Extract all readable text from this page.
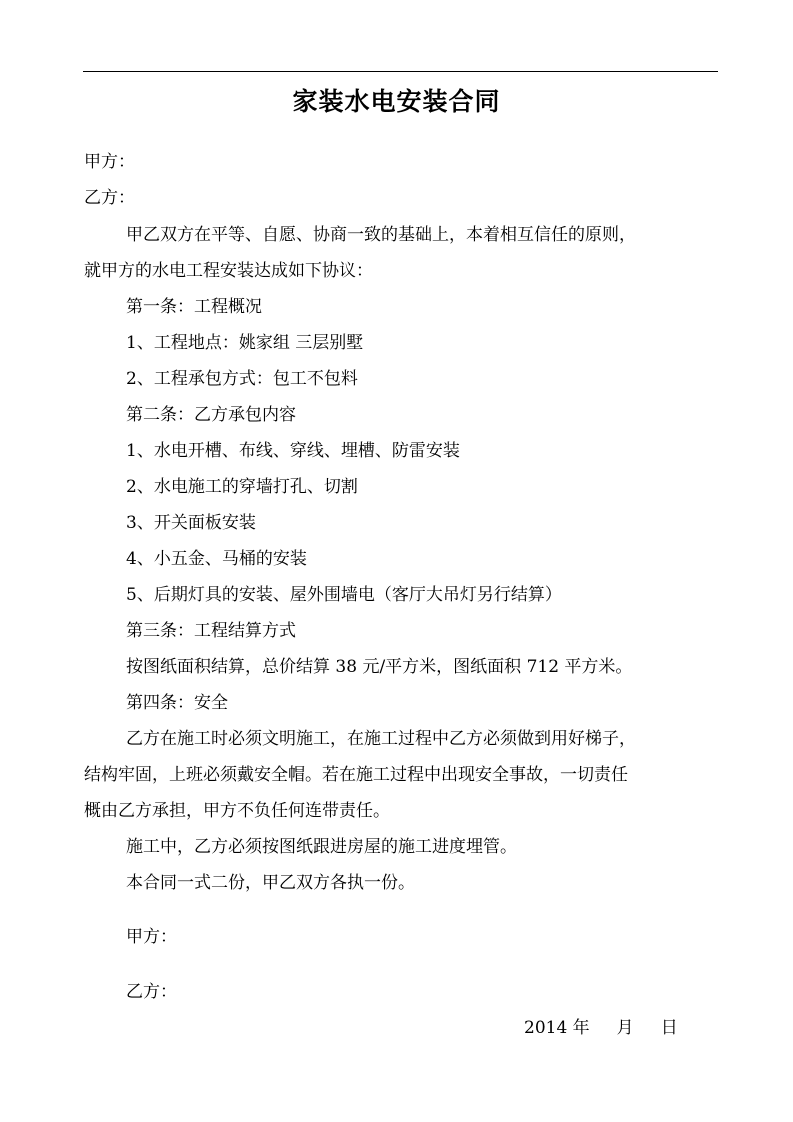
家装水电安装合同
甲方：
乙方：
甲乙双方在平等、自愿、协商一致的基础上，本着相互信任的原则，
就甲方的水电工程安装达成如下协议：
第一条：工程概况
1、工程地点：姚家组 三层别墅
2、工程承包方式：包工不包料
第二条：乙方承包内容
1、水电开槽、布线、穿线、埋槽、防雷安装
2、水电施工的穿墙打孔、切割
3、开关面板安装
4、小五金、马桶的安装
5、后期灯具的安装、屋外围墙电（客厅大吊灯另行结算）
第三条：工程结算方式
按图纸面积结算，总价结算 38 元/平方米，图纸面积 712 平方米。
第四条：安全
乙方在施工时必须文明施工，在施工过程中乙方必须做到用好梯子，
结构牢固，上班必须戴安全帽。若在施工过程中出现安全事故，一切责任
概由乙方承担，甲方不负任何连带责任。
施工中，乙方必须按图纸跟进房屋的施工进度埋管。
本合同一式二份，甲乙双方各执一份。
甲方：
乙方：
2014 年     月     日
